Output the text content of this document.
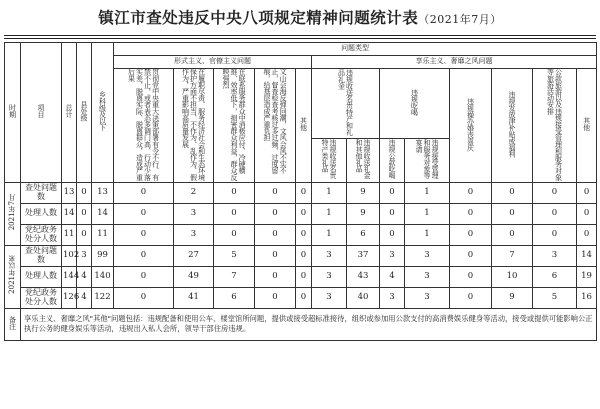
镇江市查处违反中央八项规定精神问题统计表（2021年7月）
时期	项目	总计	县处级	乡科级及以下	问题类型												
					形式主义、官僚主义问题					享乐主义、奢靡之风问题							
					贯彻党中央重大决策部署有令不行、有禁不止，或者表态多调门高、行动少落实差，脱离实际、脱离群众，造成严重后果	在履职尽责、服务经济社会和生态环境保护方面不担当、不作为、乱作为、假作为，严重影响高质量发展	在联系服务群众中消极应付、冷硬横推、效率低下，损害群众利益，群众反映强烈	文山会海反弹回潮，文风会风不实不正，督查检查考核过多过频、过度留痕，给基层造成严重负担	其他	违规收送名贵特产和礼品礼金		违规吃喝		违规操办婚丧喜庆	违规发放津补贴或福利	公款旅游以及违规接受管理和服务对象等旅游活动安排	其他
										违规收送名贵特产类礼品	违规收送礼金和其他礼品	违规公款吃喝	违规接受管理和服务对象等宴请				
2021年7月	查处问题数	13	0	13	0	2	0	0	0	1	9	0	1	0	0	0	0
	处理人数	14	0	14	0	3	0	0	0	1	9	0	1	0	0	0	0
	党纪政务处分人数	11	0	11	0	3	0	0	0	1	6	0	1	0	0	0	0
2021年以来	查处问题数	102	3	99	0	27	5	0	0	3	37	3	3	0	7	3	14
	处理人数	144	4	140	0	49	7	0	0	3	43	4	3	0	10	6	19
	党纪政务处分人数	126	4	122	0	41	6	0	0	3	40	3	3	0	9	5	16
备注	享乐主义、奢靡之风"其他"问题包括：违规配备和使用公车、楼堂馆所问题，提供或接受超标准接待，组织或参加用公款支付的高消费娱乐健身等活动，接受或提供可能影响公正执行公务的健身娱乐等活动，违规出入私人会所，领导干部住房违规。																
